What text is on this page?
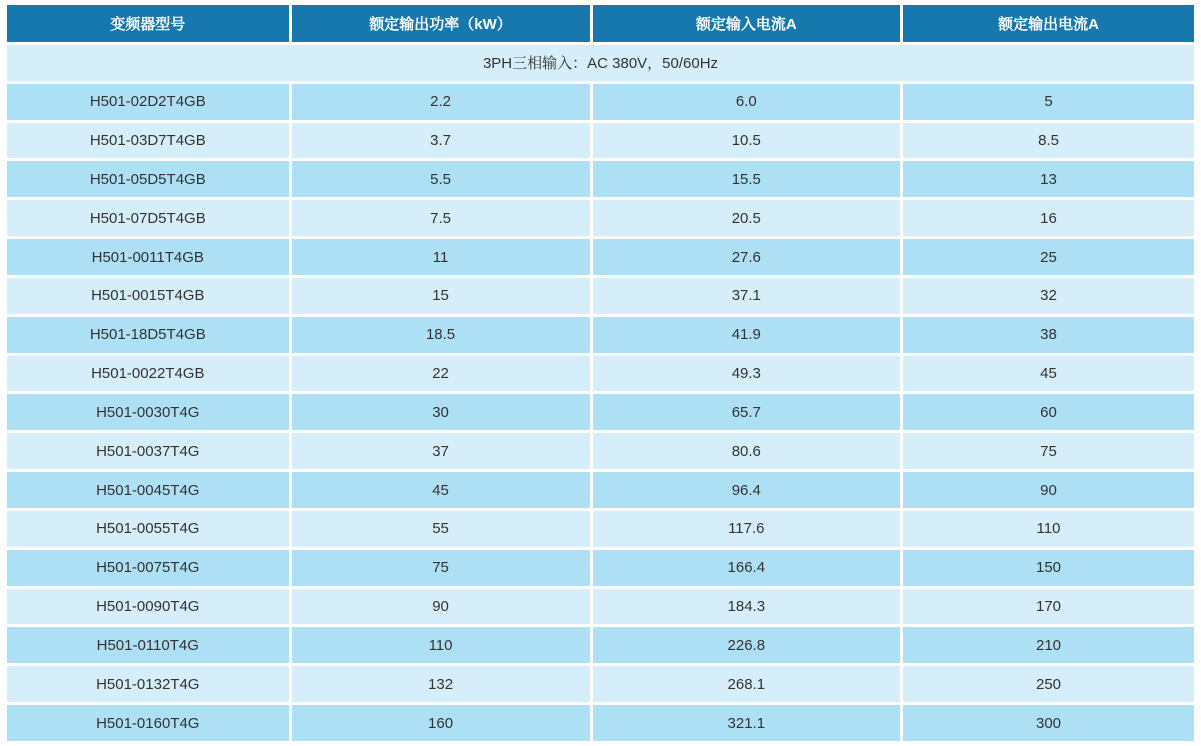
变频器型号	额定输出功率（kW）	额定输入电流A	额定输出电流A
3PH三相输入：AC 380V，50/60Hz			
H501-02D2T4GB	2.2	6.0	5
H501-03D7T4GB	3.7	10.5	8.5
H501-05D5T4GB	5.5	15.5	13
H501-07D5T4GB	7.5	20.5	16
H501-0011T4GB	11	27.6	25
H501-0015T4GB	15	37.1	32
H501-18D5T4GB	18.5	41.9	38
H501-0022T4GB	22	49.3	45
H501-0030T4G	30	65.7	60
H501-0037T4G	37	80.6	75
H501-0045T4G	45	96.4	90
H501-0055T4G	55	117.6	110
H501-0075T4G	75	166.4	150
H501-0090T4G	90	184.3	170
H501-0110T4G	110	226.8	210
H501-0132T4G	132	268.1	250
H501-0160T4G	160	321.1	300
